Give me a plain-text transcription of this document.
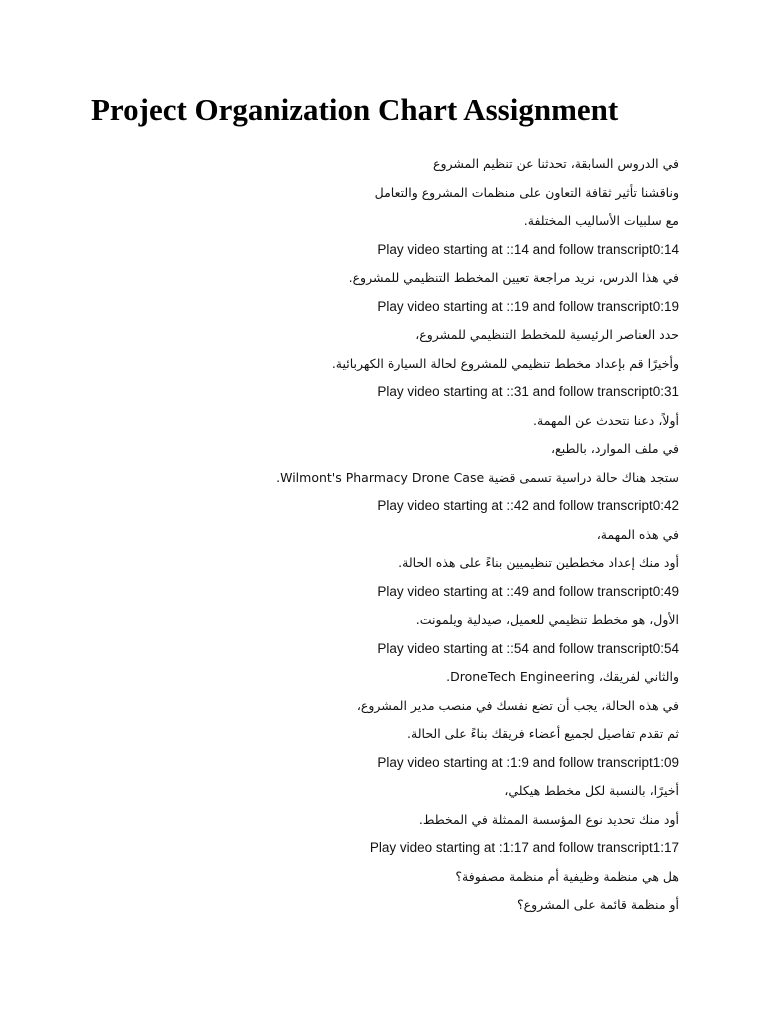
Project Organization Chart Assignment
في الدروس السابقة، تحدثنا عن تنظيم المشروع
وناقشنا تأثير ثقافة التعاون على منظمات المشروع والتعامل
مع سلبيات الأساليب المختلفة.
Play video starting at ::14 and follow transcript0:14
في هذا الدرس، نريد مراجعة تعيين المخطط التنظيمي للمشروع.
Play video starting at ::19 and follow transcript0:19
حدد العناصر الرئيسية للمخطط التنظيمي للمشروع،
وأخيرًا قم بإعداد مخطط تنظيمي للمشروع لحالة السيارة الكهربائية.
Play video starting at ::31 and follow transcript0:31
أولاً، دعنا نتحدث عن المهمة.
في ملف الموارد، بالطبع،
ستجد هناك حالة دراسية تسمى قضية Wilmont's Pharmacy Drone Case.
Play video starting at ::42 and follow transcript0:42
في هذه المهمة،
أود منك إعداد مخططين تنظيميين بناءً على هذه الحالة.
Play video starting at ::49 and follow transcript0:49
الأول، هو مخطط تنظيمي للعميل، صيدلية ويلمونت.
Play video starting at ::54 and follow transcript0:54
والثاني لفريقك، DroneTech Engineering.
في هذه الحالة، يجب أن تضع نفسك في منصب مدير المشروع،
ثم تقدم تفاصيل لجميع أعضاء فريقك بناءً على الحالة.
Play video starting at :1:9 and follow transcript1:09
أخيرًا، بالنسبة لكل مخطط هيكلي،
أود منك تحديد نوع المؤسسة الممثلة في المخطط.
Play video starting at :1:17 and follow transcript1:17
هل هي منظمة وظيفية أم منظمة مصفوفة؟
أو منظمة قائمة على المشروع؟
